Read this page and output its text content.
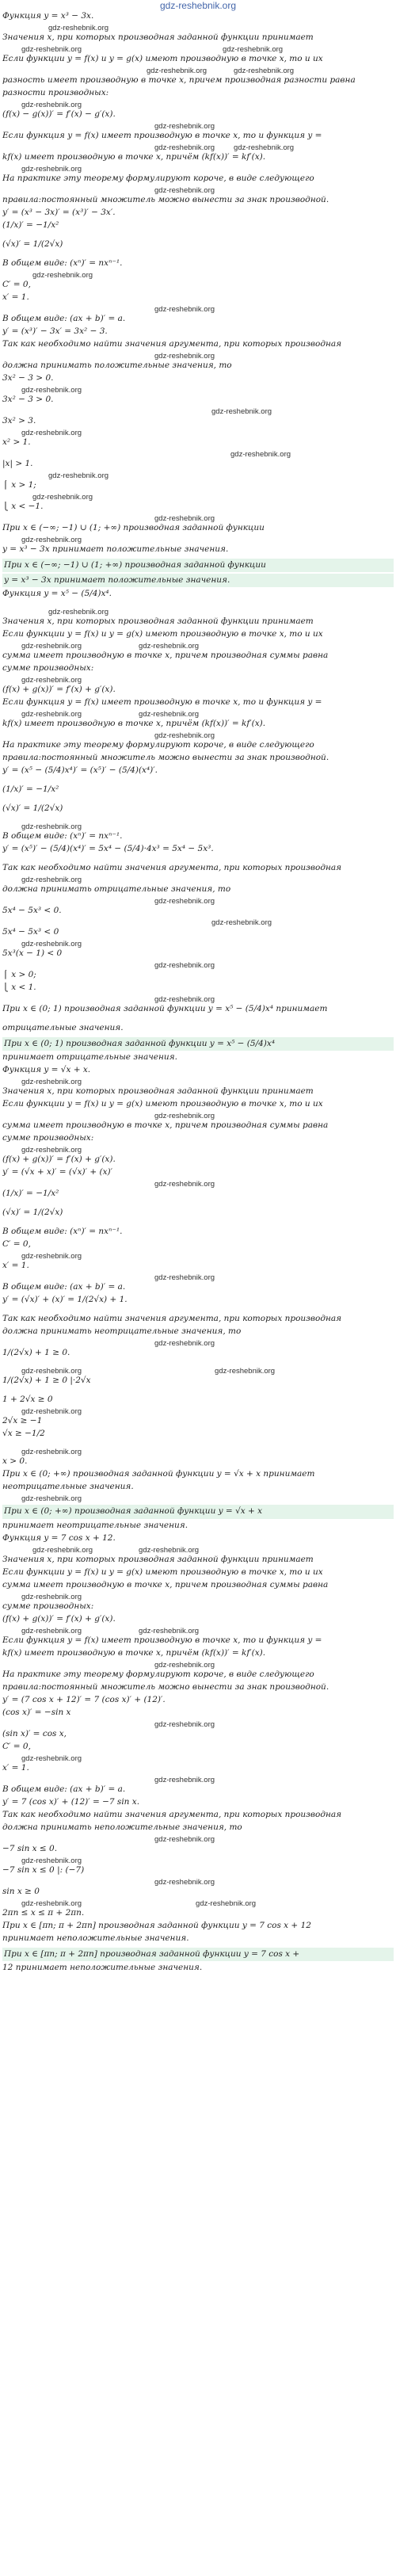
gdz-reshebnik.org
Функция y = x³ − 3x.
gdz-reshebnik.org
Значения x, при которых производная заданной функции принимает
gdz-reshebnik.org	gdz-reshebnik.org
Если функции y = f(x) и y = g(x) имеют производную в точке x, то и их
gdz-reshebnik.org	gdz-reshebnik.org
разность имеет производную в точке x, причем производная разности равна
разности производных:
gdz-reshebnik.org
(f(x) − g(x))′ = f′(x) − g′(x).
gdz-reshebnik.org
Если функция y = f(x) имеет производную в точке x, то и функция y =
gdz-reshebnik.org	gdz-reshebnik.org
kf(x) имеет производную в точке x, причём (kf(x))′ = kf′(x).
gdz-reshebnik.org
На практике эту теорему формулируют короче, в виде следующего
gdz-reshebnik.org
правила:постоянный множитель можно вынести за знак производной.
y′ = (x³ − 3x)′ = (x³)′ − 3x′.
(1/x)′ = −1/x²
(√x)′ = 1/(2√x)
В общем виде: (xⁿ)′ = nxⁿ⁻¹.
gdz-reshebnik.org
C′ = 0,
x′ = 1.
gdz-reshebnik.org
В общем виде: (ax + b)′ = a.
y′ = (x³)′ − 3x′ = 3x² − 3.
Так как необходимо найти значения аргумента, при которых производная
gdz-reshebnik.org
должна принимать положительные значения, то
3x² − 3 > 0.
gdz-reshebnik.org
3x² − 3 > 0.
gdz-reshebnik.org
3x² > 3.
gdz-reshebnik.org
x² > 1.
gdz-reshebnik.org
|x| > 1.
gdz-reshebnik.org
⎧ x > 1;
gdz-reshebnik.org
⎩ x < −1.
gdz-reshebnik.org
При x ∈ (−∞; −1) ∪ (1; +∞) производная заданной функции
gdz-reshebnik.org
y = x³ − 3x принимает положительные значения.
При x ∈ (−∞; −1) ∪ (1; +∞) производная заданной функции
y = x³ − 3x принимает положительные значения.
Функция y = x⁵ − (5/4)x⁴.
gdz-reshebnik.org
Значения x, при которых производная заданной функции принимает
Если функции y = f(x) и y = g(x) имеют производную в точке x, то и их
gdz-reshebnik.org	gdz-reshebnik.org
сумма имеет производную в точке x, причем производная суммы равна
сумме производных:
gdz-reshebnik.org
(f(x) + g(x))′ = f′(x) + g′(x).
Если функция y = f(x) имеет производную в точке x, то и функция y =
gdz-reshebnik.org	gdz-reshebnik.org
kf(x) имеет производную в точке x, причём (kf(x))′ = kf′(x).
gdz-reshebnik.org
На практике эту теорему формулируют короче, в виде следующего
правила:постоянный множитель можно вынести за знак производной.
y′ = (x⁵ − (5/4)x⁴)′ = (x⁵)′ − (5/4)(x⁴)′.
(1/x)′ = −1/x²
(√x)′ = 1/(2√x)
gdz-reshebnik.org
В общем виде: (xⁿ)′ = nxⁿ⁻¹.
y′ = (x⁵)′ − (5/4)(x⁴)′ = 5x⁴ − (5/4)·4x³ = 5x⁴ − 5x³.
Так как необходимо найти значения аргумента, при которых производная
gdz-reshebnik.org
должна принимать отрицательные значения, то
gdz-reshebnik.org
5x⁴ − 5x³ < 0.
gdz-reshebnik.org
5x⁴ − 5x³ < 0
gdz-reshebnik.org
5x³(x − 1) < 0
gdz-reshebnik.org
⎧ x > 0;
⎩ x < 1.
gdz-reshebnik.org
При x ∈ (0; 1) производная заданной функции y = x⁵ − (5/4)x⁴ принимает
отрицательные значения.
При x ∈ (0; 1) производная заданной функции y = x⁵ − (5/4)x⁴
принимает отрицательные значения.
Функция y = √x + x.
gdz-reshebnik.org
Значения x, при которых производная заданной функции принимает
Если функции y = f(x) и y = g(x) имеют производную в точке x, то и их
gdz-reshebnik.org
сумма имеет производную в точке x, причем производная суммы равна
сумме производных:
gdz-reshebnik.org
(f(x) + g(x))′ = f′(x) + g′(x).
y′ = (√x + x)′ = (√x)′ + (x)′
gdz-reshebnik.org
(1/x)′ = −1/x²
(√x)′ = 1/(2√x)
В общем виде: (xⁿ)′ = nxⁿ⁻¹.
C′ = 0,
gdz-reshebnik.org
x′ = 1.
gdz-reshebnik.org
В общем виде: (ax + b)′ = a.
y′ = (√x)′ + (x)′ = 1/(2√x) + 1.
Так как необходимо найти значения аргумента, при которых производная
должна принимать неотрицательные значения, то
gdz-reshebnik.org
1/(2√x) + 1 ≥ 0.
gdz-reshebnik.org	gdz-reshebnik.org
1/(2√x) + 1 ≥ 0 |·2√x
1 + 2√x ≥ 0
gdz-reshebnik.org
2√x ≥ −1
√x ≥ −1/2
gdz-reshebnik.org
x > 0.
При x ∈ (0; +∞) производная заданной функции y = √x + x принимает
неотрицательные значения.
gdz-reshebnik.org
При x ∈ (0; +∞) производная заданной функции y = √x + x
принимает неотрицательные значения.
Функция y = 7 cos x + 12.
gdz-reshebnik.org	gdz-reshebnik.org
Значения x, при которых производная заданной функции принимает
Если функции y = f(x) и y = g(x) имеют производную в точке x, то и их
сумма имеет производную в точке x, причем производная суммы равна
gdz-reshebnik.org
сумме производных:
(f(x) + g(x))′ = f′(x) + g′(x).
gdz-reshebnik.org	gdz-reshebnik.org
Если функция y = f(x) имеет производную в точке x, то и функция y =
kf(x) имеет производную в точке x, причём (kf(x))′ = kf′(x).
gdz-reshebnik.org
На практике эту теорему формулируют короче, в виде следующего
правила:постоянный множитель можно вынести за знак производной.
y′ = (7 cos x + 12)′ = 7 (cos x)′ + (12)′.
(cos x)′ = −sin x
gdz-reshebnik.org
(sin x)′ = cos x,
C′ = 0,
gdz-reshebnik.org
x′ = 1.
gdz-reshebnik.org
В общем виде: (ax + b)′ = a.
y′ = 7 (cos x)′ + (12)′ = −7 sin x.
Так как необходимо найти значения аргумента, при которых производная
должна принимать неположительные значения, то
gdz-reshebnik.org
−7 sin x ≤ 0.
gdz-reshebnik.org
−7 sin x ≤ 0 |: (−7)
gdz-reshebnik.org
sin x ≥ 0
gdz-reshebnik.org	gdz-reshebnik.org
2πn ≤ x ≤ π + 2πn.
При x ∈ [πn; π + 2πn] производная заданной функции y = 7 cos x + 12
принимает неположительные значения.
При x ∈ [πn; π + 2πn] производная заданной функции y = 7 cos x +
12 принимает неположительные значения.
